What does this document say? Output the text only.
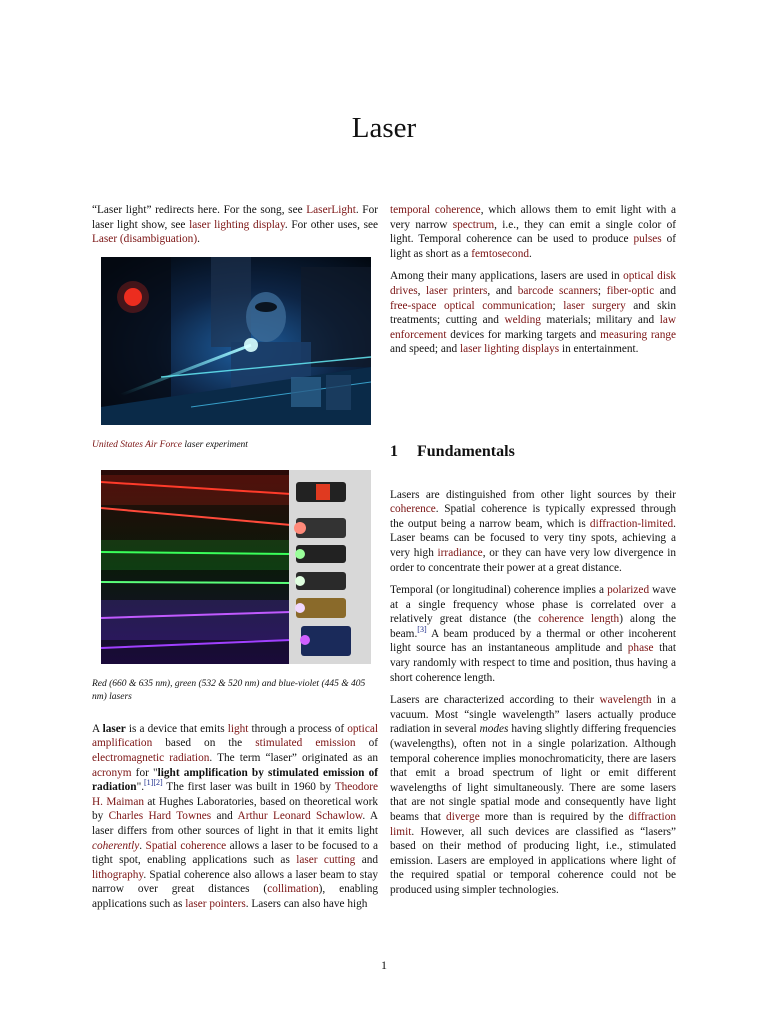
Laser

“Laser light” redirects here. For the song, see LaserLight. For laser light show, see laser lighting display. For other uses, see Laser (disambiguation).

United States Air Force laser experiment

Red (660 & 635 nm), green (532 & 520 nm) and blue-violet (445 & 405 nm) lasers

A laser is a device that emits light through a process of optical amplification based on the stimulated emission of electromagnetic radiation. The term “laser” originated as an acronym for "light amplification by stimulated emission of radiation".[1][2] The first laser was built in 1960 by Theodore H. Maiman at Hughes Laboratories, based on theoretical work by Charles Hard Townes and Arthur Leonard Schawlow. A laser differs from other sources of light in that it emits light coherently. Spatial coherence allows a laser to be focused to a tight spot, enabling applications such as laser cutting and lithography. Spatial coherence also allows a laser beam to stay narrow over great distances (collimation), enabling applications such as laser pointers. Lasers can also have high

temporal coherence, which allows them to emit light with a very narrow spectrum, i.e., they can emit a single color of light. Temporal coherence can be used to produce pulses of light as short as a femtosecond.

Among their many applications, lasers are used in optical disk drives, laser printers, and barcode scanners; fiber-optic and free-space optical communication; laser surgery and skin treatments; cutting and welding materials; military and law enforcement devices for marking targets and measuring range and speed; and laser lighting displays in entertainment.

1 Fundamentals

Lasers are distinguished from other light sources by their coherence. Spatial coherence is typically expressed through the output being a narrow beam, which is diffraction-limited. Laser beams can be focused to very tiny spots, achieving a very high irradiance, or they can have very low divergence in order to concentrate their power at a great distance.

Temporal (or longitudinal) coherence implies a polarized wave at a single frequency whose phase is correlated over a relatively great distance (the coherence length) along the beam.[3] A beam produced by a thermal or other incoherent light source has an instantaneous amplitude and phase that vary randomly with respect to time and position, thus having a short coherence length.

Lasers are characterized according to their wavelength in a vacuum. Most “single wavelength” lasers actually produce radiation in several modes having slightly differing frequencies (wavelengths), often not in a single polarization. Although temporal coherence implies monochromaticity, there are lasers that emit a broad spectrum of light or emit different wavelengths of light simultaneously. There are some lasers that are not single spatial mode and consequently have light beams that diverge more than is required by the diffraction limit. However, all such devices are classified as “lasers” based on their method of producing light, i.e., stimulated emission. Lasers are employed in applications where light of the required spatial or temporal coherence could not be produced using simpler technologies.

1
